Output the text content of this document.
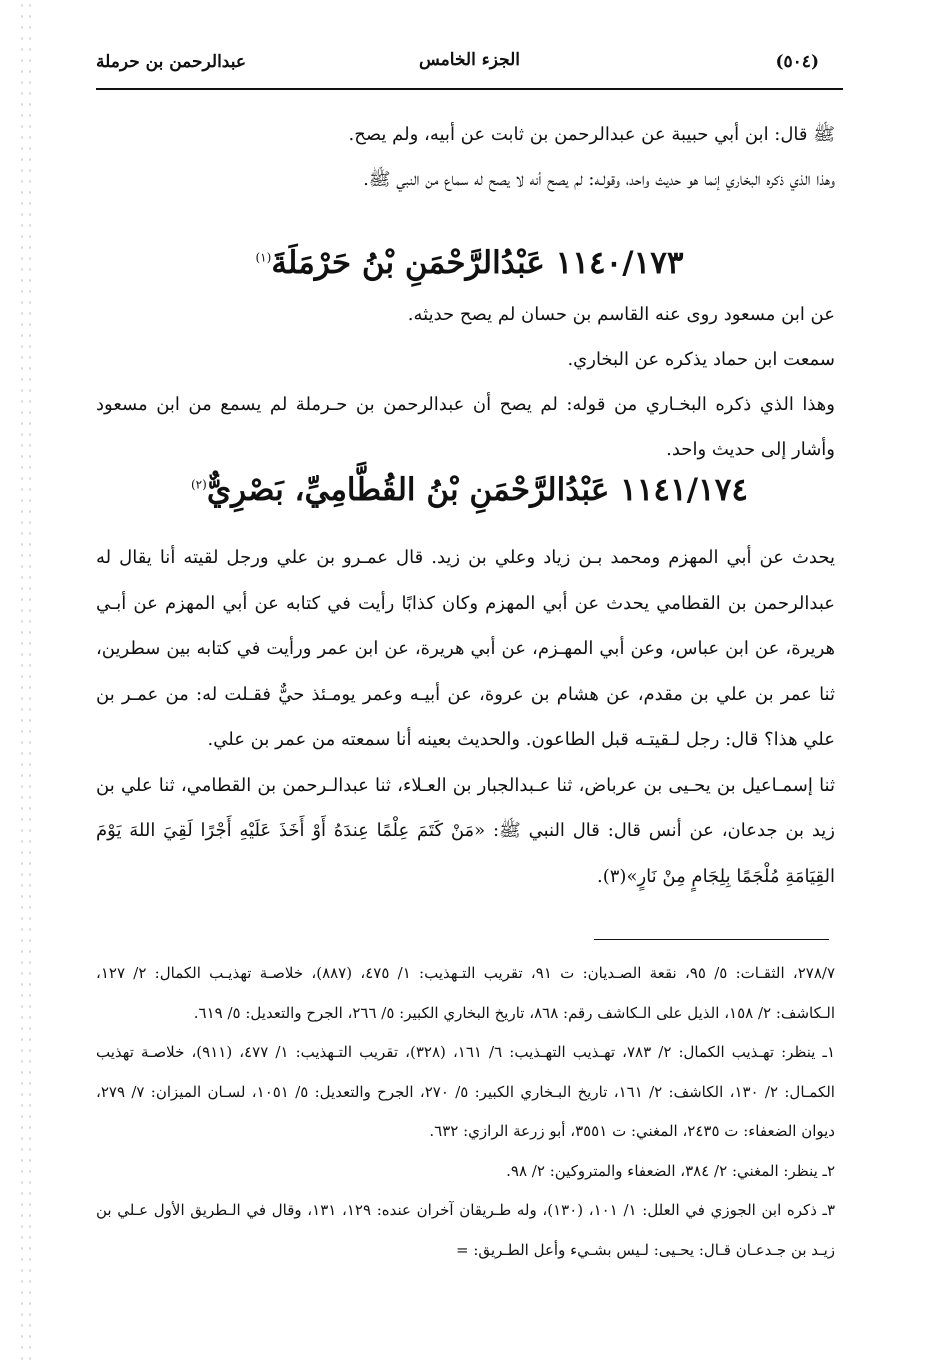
(٥٠٤)
الجزء الخامس
عبدالرحمن بن حرملة

ﷺ قال: ابن أبي حبيبة عن عبدالرحمن بن ثابت عن أبيه، ولم يصح.

وهذا الذي ذكره البخاري إنما هو حديث واحد، وقولـه: لم يصح أنه لا يصح له سماع من النبي ﷺ.

١١٤٠/١٧٣ عَبْدُالرَّحْمَنِ بْنُ حَرْمَلَةَ$^{(١)}$

عن ابن مسعود روى عنه القاسم بن حسان لم يصح حديثه.

سمعت ابن حماد يذكره عن البخاري.

وهذا الذي ذكره البخـاري من قوله: لم يصح أن عبدالرحمن بن حـرملة لم يسمع من ابن مسعود وأشار إلى حديث واحد.

١١٤١/١٧٤ عَبْدُالرَّحْمَنِ بْنُ القُطَّامِيِّ، بَصْرِيٌّ$^{(٢)}$

يحدث عن أبي المهزم ومحمد بـن زياد وعلي بن زيد. قال عمـرو بن علي ورجل لقيته أنا يقال له عبدالرحمن بن القطامي يحدث عن أبي المهزم وكان كذابًا رأيت في كتابه عن أبي المهزم عن أبـي هريرة، عن ابن عباس، وعن أبي المهـزم، عن أبي هريرة، عن ابن عمر ورأيت في كتابه بين سطرين، ثنا عمر بن علي بن مقدم، عن هشام بن عروة، عن أبيـه وعمر يومـئذ حيٌّ فقـلت له: من عمـر بن علي هذا؟ قال: رجل لـقيتـه قبل الطاعون. والحديث بعينه أنا سمعته من عمر بن علي.

ثنا إسمـاعيل بن يحـيى بن عرباض، ثنا عـبدالجبار بن العـلاء، ثنا عبدالـرحمن بن القطامي، ثنا علي بن زيد بن جدعان، عن أنس قال: قال النبي ﷺ: «مَنْ كَتَمَ عِلْمًا عِندَهُ أَوْ أَخَذَ عَلَيْهِ أَجْرًا لَقِيَ اللهَ يَوْمَ القِيَامَةِ مُلْجَمًا بِلِجَامٍ مِنْ نَارٍ»(٣).

٢٧٨/٧، الثقـات: ٥/ ٩٥، نقعة الصـديان: ت ٩١، تقريب التـهذيب: ١/ ٤٧٥، (٨٨٧)، خلاصـة تهذيـب الكمال: ٢/ ١٢٧، الـكاشف: ٢/ ١٥٨، الذيل على الـكاشف رقم: ٨٦٨، تاريخ البخاري الكبير: ٥/ ٢٦٦، الجرح والتعديل: ٥/ ٦١٩.

١ـ ينظر: تهـذيب الكمال: ٢/ ٧٨٣، تهـذيب التهـذيب: ٦/ ١٦١، (٣٢٨)، تقريب التـهذيب: ١/ ٤٧٧، (٩١١)، خلاصـة تهذيب الكمـال: ٢/ ١٣٠، الكاشف: ٢/ ١٦١، تاريخ البـخاري الكبير: ٥/ ٢٧٠، الجرح والتعديل: ٥/ ١٠٥١، لسـان الميزان: ٧/ ٢٧٩، ديوان الضعفاء: ت ٢٤٣٥، المغني: ت ٣٥٥١، أبو زرعة الرازي: ٦٣٢.

٢ـ ينظر: المغني: ٢/ ٣٨٤، الضعفاء والمتروكين: ٢/ ٩٨.

٣ـ ذكره ابن الجوزي في العلل: ١/ ١٠١، (١٣٠)، وله طـريقان آخران عنده: ١٢٩، ١٣١، وقال في الـطريق الأول عـلي بن زيـد بن جـدعـان قـال: يحـيى: لـيس بشـيء وأعل الطـريق: =
